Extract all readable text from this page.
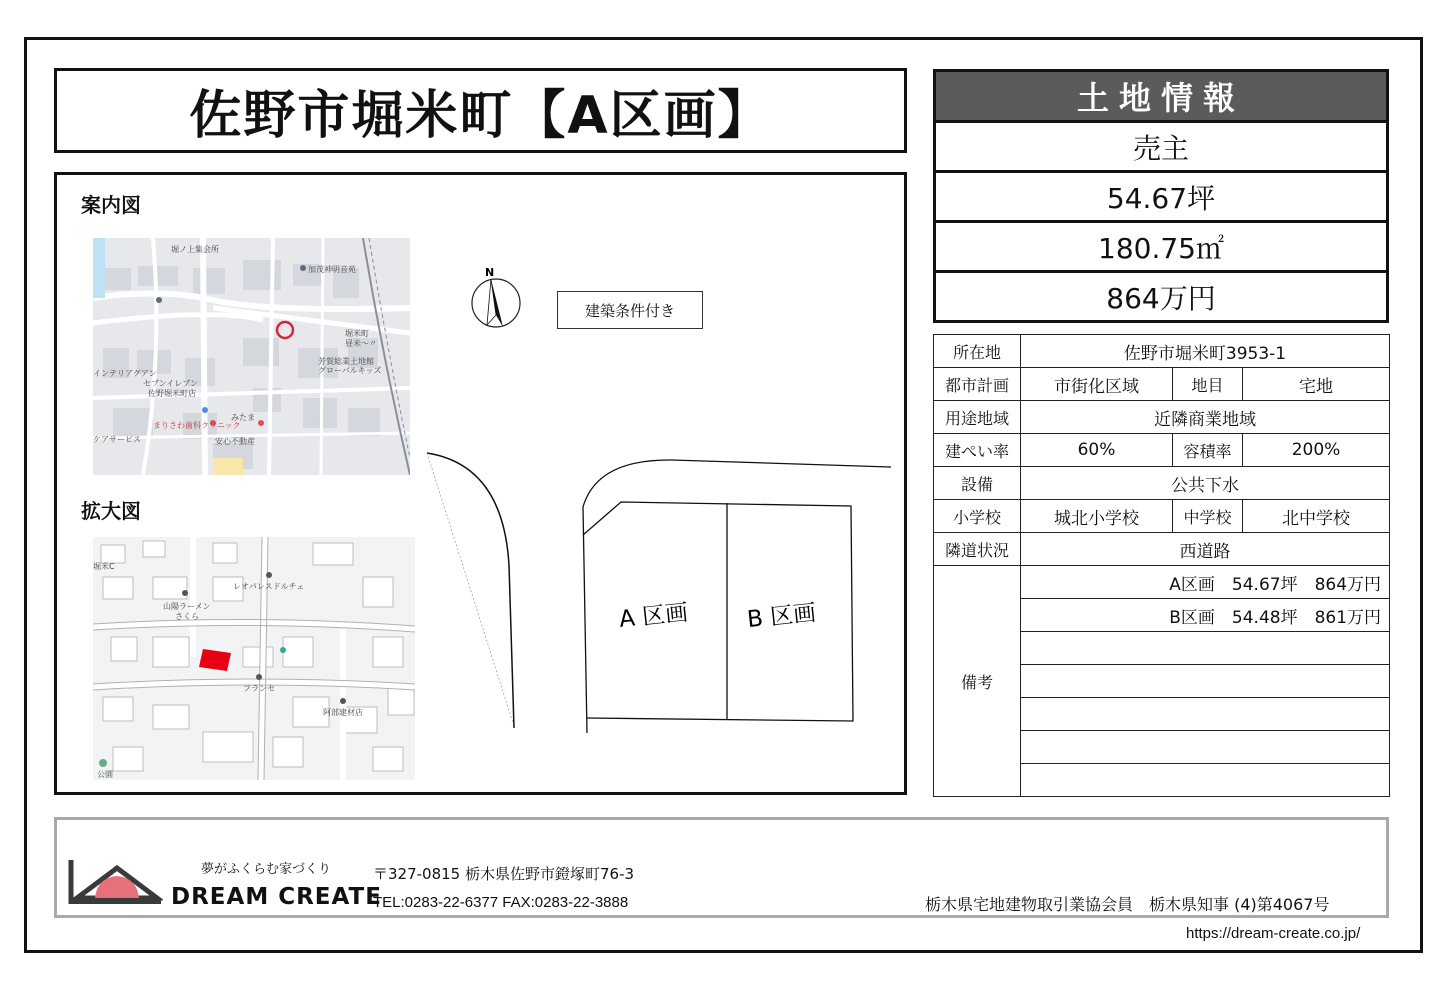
佐野市堀米町【A区画】
案内図
堀ノ上集会所
加茂神明音苑
芳賀総業土地館
グローバルキッズ
セブンイレブン
佐野堀米町店
まりさわ歯科クリニック
みたま
安心不動産
インテリアグアン
ケアサービス
昼米〜〃
堀米町
拡大図
レオパレスドルチェ
山陽ラーメン
さくら
フランセ
阿部建材店
公園
堀米C
N
建築条件付き
A 区画 B 区画
土地情報
売主
54.67坪
180.75㎡
864万円
所在地	佐野市堀米町3953-1		
都市計画	市街化区域	地目	宅地
用途地域	近隣商業地域		
建ぺい率	60%	容積率	200%
設備	公共下水		
小学校	城北小学校	中学校	北中学校
隣道状況	西道路		
備考	A区画　54.67坪　864万円		
	B区画　54.48坪　861万円		

夢がふくらむ家づくり
DREAM CREATE
〒327-0815 栃木県佐野市鐙塚町76-3
TEL:0283-22-6377 FAX:0283-22-3888	栃木県宅地建物取引業協会員　栃木県知事 (4)第4067号
https://dream-create.co.jp/
